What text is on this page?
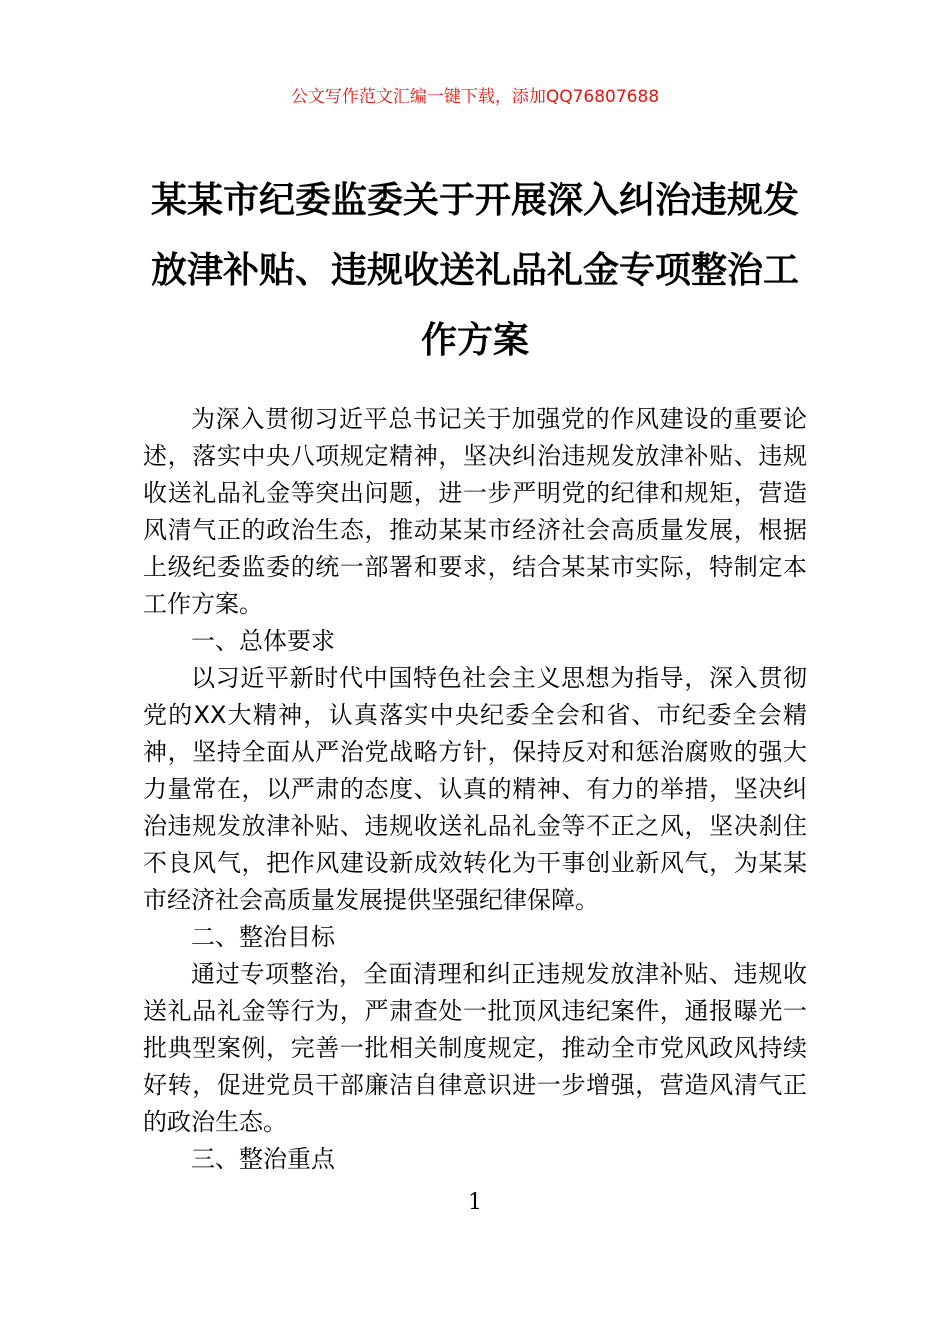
公文写作范文汇编一键下载，添加QQ76807688
某某市纪委监委关于开展深入纠治违规发
放津补贴、违规收送礼品礼金专项整治工
作方案

为深入贯彻习近平总书记关于加强党的作风建设的重要论述，落实中央八项规定精神，坚决纠治违规发放津补贴、违规收送礼品礼金等突出问题，进一步严明党的纪律和规矩，营造风清气正的政治生态，推动某某市经济社会高质量发展，根据上级纪委监委的统一部署和要求，结合某某市实际，特制定本工作方案。

一、总体要求

以习近平新时代中国特色社会主义思想为指导，深入贯彻党的XX大精神，认真落实中央纪委全会和省、市纪委全会精神，坚持全面从严治党战略方针，保持反对和惩治腐败的强大力量常在，以严肃的态度、认真的精神、有力的举措，坚决纠治违规发放津补贴、违规收送礼品礼金等不正之风，坚决刹住不良风气，把作风建设新成效转化为干事创业新风气，为某某市经济社会高质量发展提供坚强纪律保障。

二、整治目标

通过专项整治，全面清理和纠正违规发放津补贴、违规收送礼品礼金等行为，严肃查处一批顶风违纪案件，通报曝光一批典型案例，完善一批相关制度规定，推动全市党风政风持续好转，促进党员干部廉洁自律意识进一步增强，营造风清气正的政治生态。

三、整治重点

1
